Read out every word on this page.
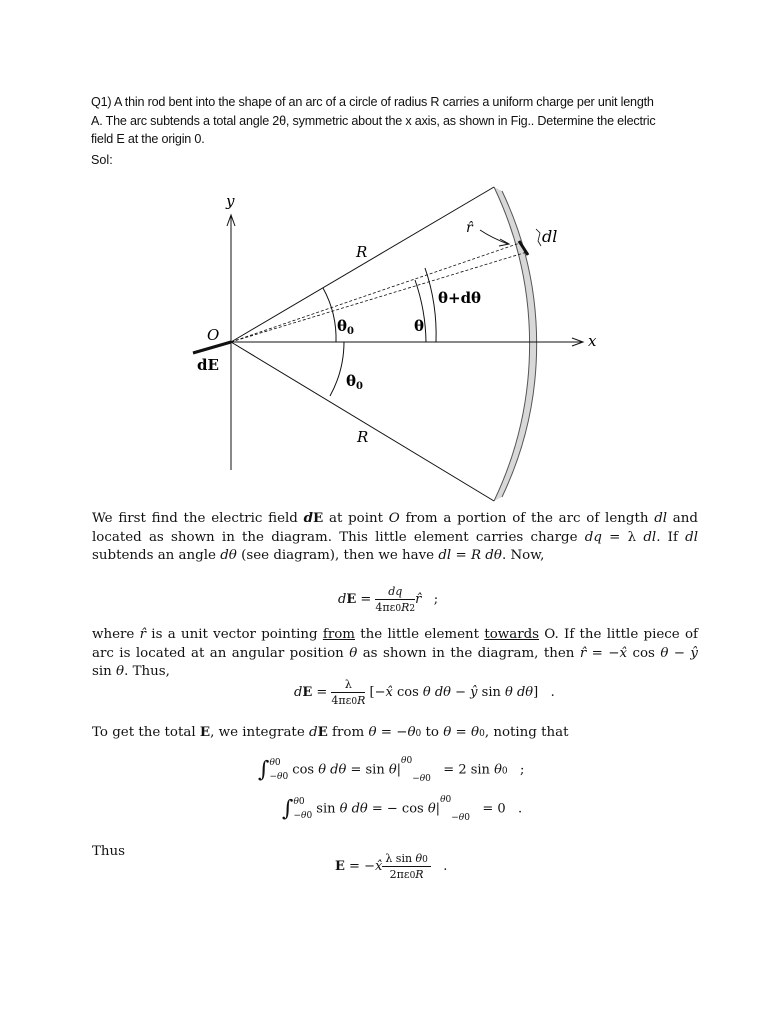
Q1) A thin rod bent into the shape of an arc of a circle of radius R carries a uniform charge per unit length

A. The arc subtends a total angle 2θ, symmetric about the x axis, as shown in Fig.. Determine the electric

field E at the origin 0.

Sol:
y
x
O
dE
R
R
r̂	dl
$\theta_0$	θ
θ+dθ
$\theta_0$

We first find the electric field dE at point O from a portion of the arc of length dl and located as shown in the diagram. This little element carries charge dq = λ dl. If dl subtends an angle dθ (see diagram), then we have dl = R dθ. Now,

dE = $\frac{dq}{4\pi\varepsilon 0R2}$ r̂   ;

where r̂ is a unit vector pointing from the little element towards O. If the little piece of arc is located at an angular position θ as shown in the diagram, then r̂ = −x̂ cos θ − ŷ sin θ. Thus,

dE = $\frac{\lambda}{4\pi\varepsilon 0R}$ [−x̂ cos θ dθ − ŷ sin θ dθ]   .

To get the total E, we integrate dE from θ = −θ0 to θ = θ0, noting that

∫θ0
−θ0 cos θ $d\theta = \sin \theta|^{\theta 0}-\theta 0 = 2$ sin θ0   ;
∫θ0
−θ0 sin θ dθ = − $\cos \theta|^{\theta 0}-\theta 0 = 0$   .
Thus
E = −x̂ $\frac{\text{λ sin θ0}}{2\pi\varepsilon 0R}$ .
